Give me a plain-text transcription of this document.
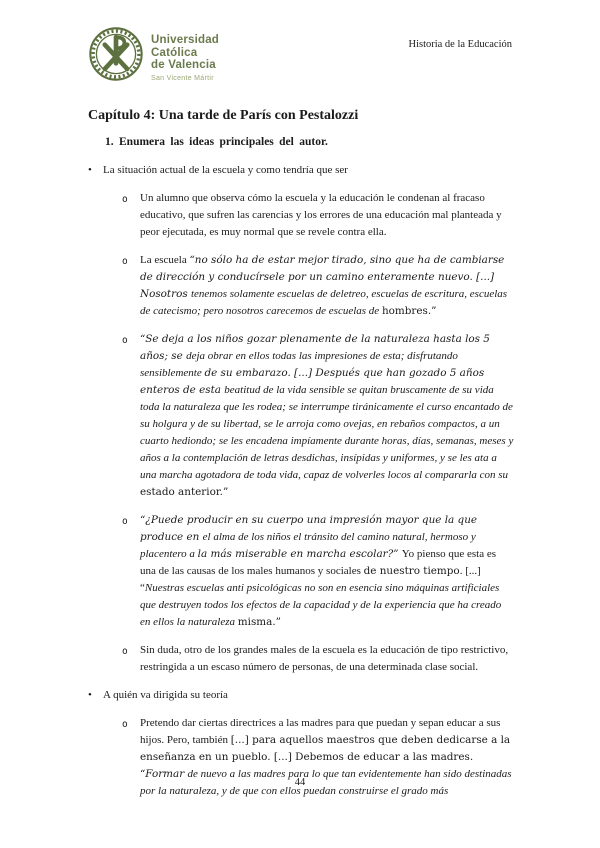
Universidad
Católica
de Valencia
San Vicente Mártir
Historia de la Educación
Capítulo 4: Una tarde de París con Pestalozzi
1. Enumera las ideas principales del autor.
•	La situación actual de la escuela y como tendría que ser
o	Un alumno que observa cómo la escuela y la educación le condenan al fracaso educativo, que sufren las carencias y los errores de una educación mal planteada y peor ejecutada, es muy normal que se revele contra ella.
o	La escuela “no sólo ha de estar mejor tirado, sino que ha de cambiarse de dirección y conducírsele por un camino enteramente nuevo. [...] Nosotros tenemos solamente escuelas de deletreo, escuelas de escritura, escuelas de catecismo; pero nosotros carecemos de escuelas de hombres.”
o	“Se deja a los niños gozar plenamente de la naturaleza hasta los 5 años; se deja obrar en ellos todas las impresiones de esta; disfrutando sensiblemente de su embarazo. [...] Después que han gozado 5 años enteros de esta beatitud de la vida sensible se quitan bruscamente de su vida toda la naturaleza que les rodea; se interrumpe tiránicamente el curso encantado de su holgura y de su libertad, se le arroja como ovejas, en rebaños compactos, a un cuarto hediondo; se les encadena impíamente durante horas, días, semanas, meses y años a la contemplación de letras desdichas, insípidas y uniformes, y se les ata a una marcha agotadora de toda vida, capaz de volverles locos al compararla con su estado anterior.”
o	“¿Puede producir en su cuerpo una impresión mayor que la que produce en el alma de los niños el tránsito del camino natural, hermoso y placentero a la más miserable en marcha escolar?” Yo pienso que esta es una de las causas de los males humanos y sociales de nuestro tiempo. [...] “Nuestras escuelas anti psicológicas no son en esencia sino máquinas artificiales que destruyen todos los efectos de la capacidad y de la experiencia que ha creado en ellos la naturaleza misma.”
o	Sin duda, otro de los grandes males de la escuela es la educación de tipo restrictivo, restringida a un escaso número de personas, de una determinada clase social.
•	A quién va dirigida su teoría
o	Pretendo dar ciertas directrices a las madres para que puedan y sepan educar a sus hijos. Pero, también [...] para aquellos maestros que deben dedicarse a la enseñanza en un pueblo. [...] Debemos de educar a las madres. “Formar de nuevo a las madres para lo que tan evidentemente han sido destinadas por la naturaleza, y de que con ellos puedan construirse el grado más
44
